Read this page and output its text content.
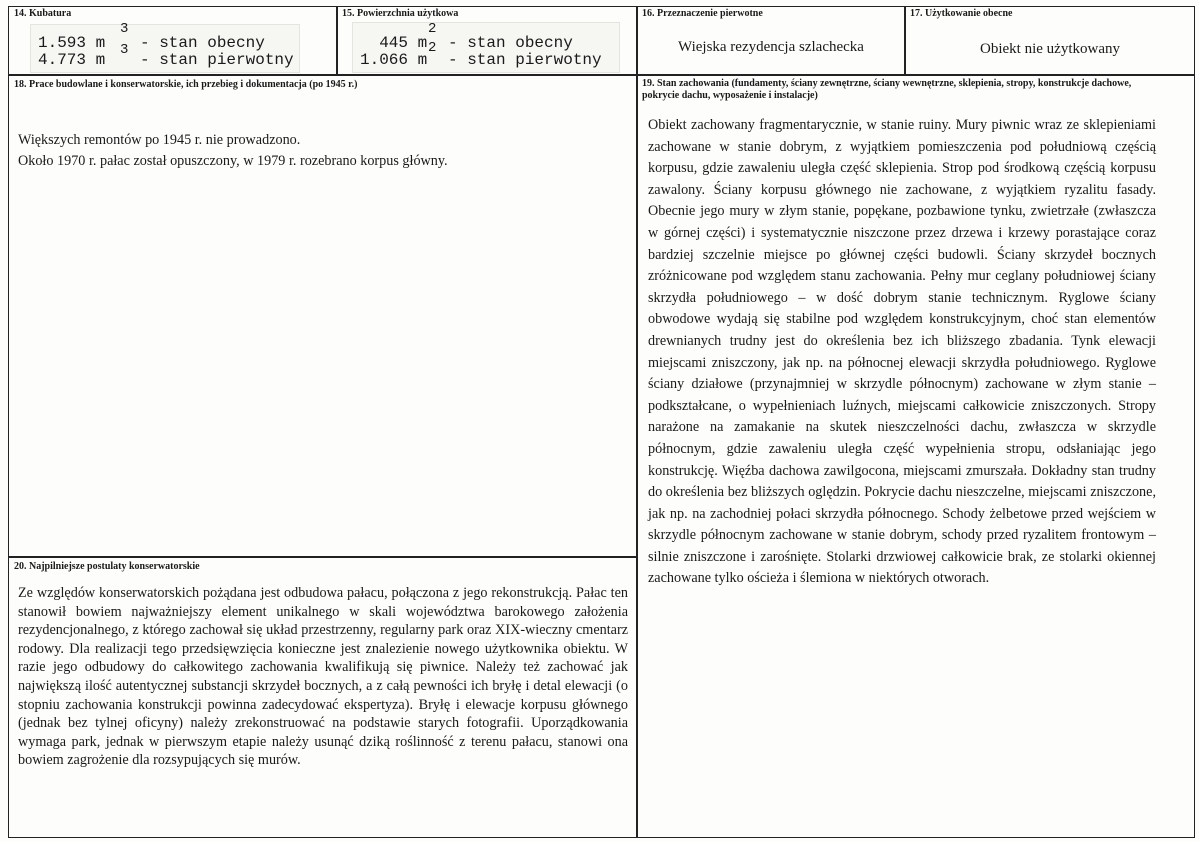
14. Kubatura
1.593 m
3
- stan obecny
4.773 m
3
- stan pierwotny
15. Powierzchnia użytkowa
445 m
2
- stan obecny
1.066 m
2
- stan pierwotny
16. Przeznaczenie pierwotne
Wiejska rezydencja szlachecka
17. Użytkowanie obecne
Obiekt nie użytkowany
18. Prace budowlane i konserwatorskie, ich przebieg i dokumentacja (po 1945 r.)
Większych remontów po 1945 r. nie prowadzono.
Około 1970 r. pałac został opuszczony, w 1979 r. rozebrano korpus główny.
19. Stan zachowania (fundamenty, ściany zewnętrzne, ściany wewnętrzne, sklepienia, stropy, konstrukcje dachowe, pokrycie dachu, wyposażenie i instalacje)
Obiekt zachowany fragmentarycznie, w stanie ruiny. Mury piwnic wraz ze sklepieniami zachowane w stanie dobrym, z wyjątkiem pomieszczenia pod południową częścią korpusu, gdzie zawaleniu uległa część sklepienia. Strop pod środkową częścią korpusu zawalony. Ściany korpusu głównego nie zachowane, z wyjątkiem ryzalitu fasady. Obecnie jego mury w złym stanie, popękane, pozbawione tynku, zwietrzałe (zwłaszcza w górnej części) i systematycznie niszczone przez drzewa i krzewy porastające coraz bardziej szczelnie miejsce po głównej części budowli. Ściany skrzydeł bocznych zróżnicowane pod względem stanu zachowania. Pełny mur ceglany południowej ściany skrzydła południowego – w dość dobrym stanie technicznym. Ryglowe ściany obwodowe wydają się stabilne pod względem konstrukcyjnym, choć stan elementów drewnianych trudny jest do określenia bez ich bliższego zbadania. Tynk elewacji miejscami zniszczony, jak np. na północnej elewacji skrzydła południowego. Ryglowe ściany działowe (przynajmniej w skrzydle północnym) zachowane w złym stanie – podkształcane, o wypełnieniach luźnych, miejscami całkowicie zniszczonych. Stropy narażone na zamakanie na skutek nieszczelności dachu, zwłaszcza w skrzydle północnym, gdzie zawaleniu uległa część wypełnienia stropu, odsłaniając jego konstrukcję. Więźba dachowa zawilgocona, miejscami zmurszała. Dokładny stan trudny do określenia bez bliższych oględzin. Pokrycie dachu nieszczelne, miejscami zniszczone, jak np. na zachodniej połaci skrzydła północnego. Schody żelbetowe przed wejściem w skrzydle północnym zachowane w stanie dobrym, schody przed ryzalitem frontowym – silnie zniszczone i zarośnięte. Stolarki drzwiowej całkowicie brak, ze stolarki okiennej zachowane tylko ościeża i ślemiona w niektórych otworach.
20. Najpilniejsze postulaty konserwatorskie
Ze względów konserwatorskich pożądana jest odbudowa pałacu, połączona z jego rekonstrukcją. Pałac ten stanowił bowiem najważniejszy element unikalnego w skali województwa barokowego założenia rezydencjonalnego, z którego zachował się układ przestrzenny, regularny park oraz XIX-wieczny cmentarz rodowy. Dla realizacji tego przedsięwzięcia konieczne jest znalezienie nowego użytkownika obiektu. W razie jego odbudowy do całkowitego zachowania kwalifikują się piwnice. Należy też zachować jak największą ilość autentycznej substancji skrzydeł bocznych, a z całą pewności ich bryłę i detal elewacji (o stopniu zachowania konstrukcji powinna zadecydować ekspertyza). Bryłę i elewacje korpusu głównego (jednak bez tylnej oficyny) należy zrekonstruować na podstawie starych fotografii. Uporządkowania wymaga park, jednak w pierwszym etapie należy usunąć dziką roślinność z terenu pałacu, stanowi ona bowiem zagrożenie dla rozsypujących się murów.
